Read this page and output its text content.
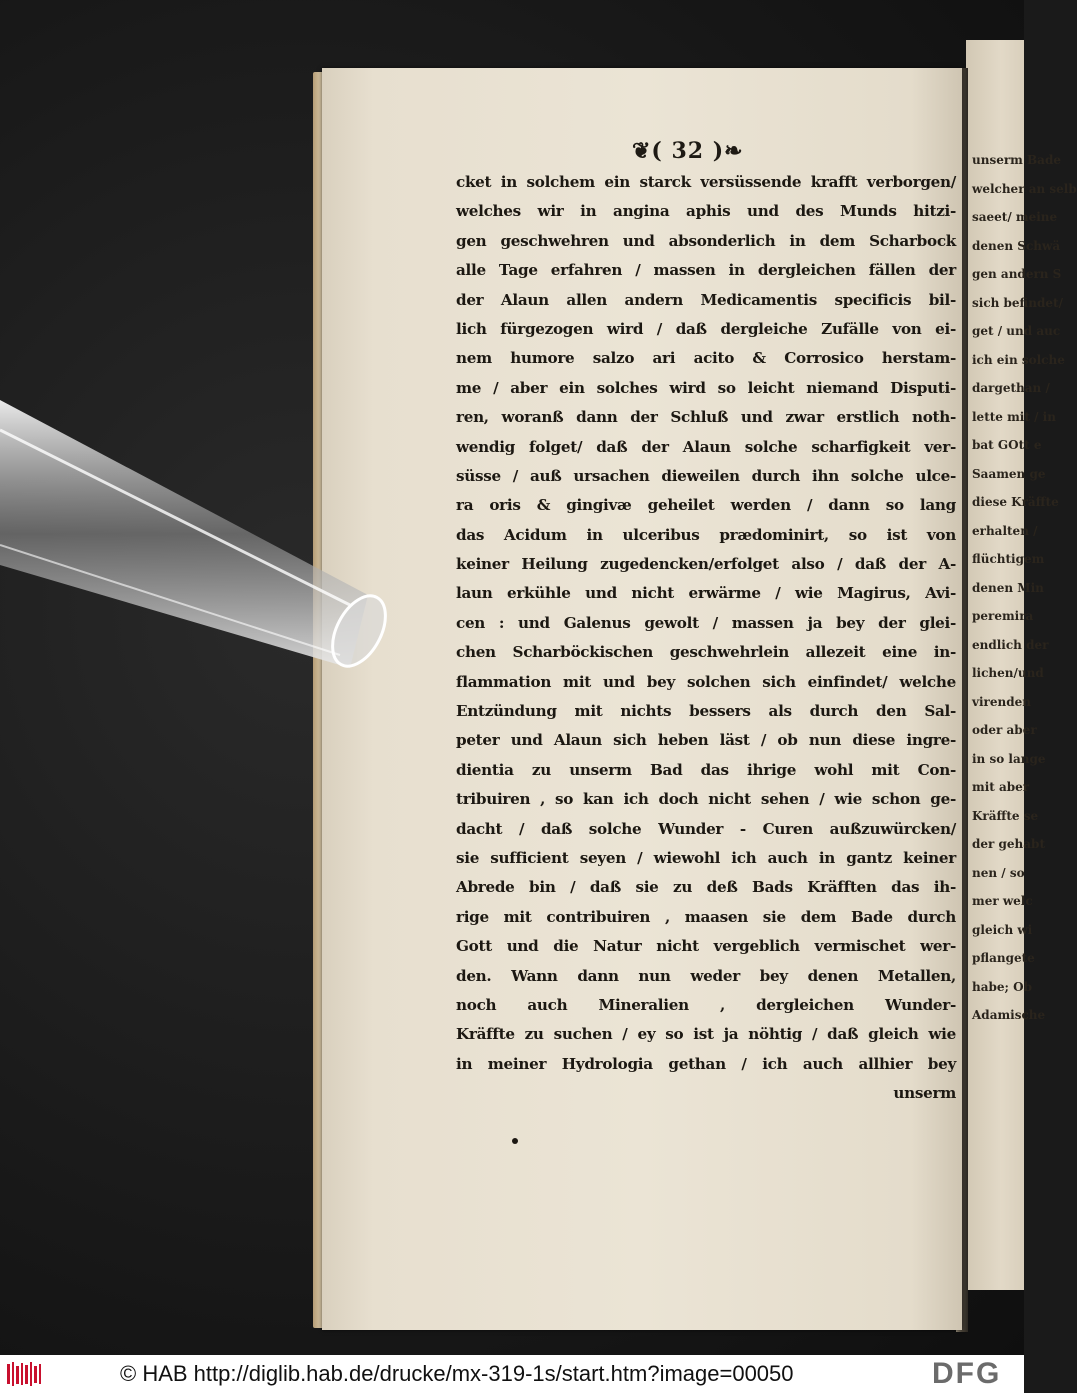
unserm Bade
welcher an selb
saeet/ meine
denen Schwä
gen andern S
sich befindet/
get / und auc
ich ein solche
dargethan /
lette mit / in
bat GOtt e
Saamen ge
diese Kräffte
erhalten /
flüchtigem
denen Min
peremira
endlich der
lichen/und
virenden
oder aber
in so lange
mit aber
Kräffte se
der gehabt
nen / so
mer welc
gleich wi
pflangete
habe; Ob
Adamische
❦( 32 )❧
cket in solchem ein starck versüssende krafft verborgen/
welches wir in angina aphis und des Munds hitzi-
gen geschwehren und absonderlich in dem Scharbock
alle Tage erfahren / massen in dergleichen fällen der
der Alaun allen andern Medicamentis specificis bil-
lich fürgezogen wird / daß dergleiche Zufälle von ei-
nem humore salzo ari acito & Corrosico herstam-
me / aber ein solches wird so leicht niemand Disputi-
ren, woranß dann der Schluß und zwar erstlich noth-
wendig folget/ daß der Alaun solche scharfigkeit ver-
süsse / auß ursachen dieweilen durch ihn solche ulce-
ra oris & gingivæ geheilet werden / dann so lang
das Acidum in ulceribus prædominirt, so ist von
keiner Heilung zugedencken/erfolget also / daß der A-
laun erkühle und nicht erwärme / wie Magirus, Avi-
cen : und Galenus gewolt / massen ja bey der glei-
chen Scharböckischen geschwehrlein allezeit eine in-
flammation mit und bey solchen sich einfindet/ welche
Entzündung mit nichts bessers als durch den Sal-
peter und Alaun sich heben läst / ob nun diese ingre-
dientia zu unserm Bad das ihrige wohl mit Con-
tribuiren , so kan ich doch nicht sehen / wie schon ge-
dacht / daß solche Wunder - Curen außzuwürcken/
sie sufficient seyen / wiewohl ich auch in gantz keiner
Abrede bin / daß sie zu deß Bads Kräfften das ih-
rige mit contribuiren , maasen sie dem Bade durch
Gott und die Natur nicht vergeblich vermischet wer-
den. Wann dann nun weder bey denen Metallen,
noch auch Mineralien , dergleichen Wunder-
Kräffte zu suchen / ey so ist ja nöhtig / daß gleich wie
in meiner Hydrologia gethan / ich auch allhier bey
unserm
© HAB http://diglib.hab.de/drucke/mx-319-1s/start.htm?image=00050	DFG
